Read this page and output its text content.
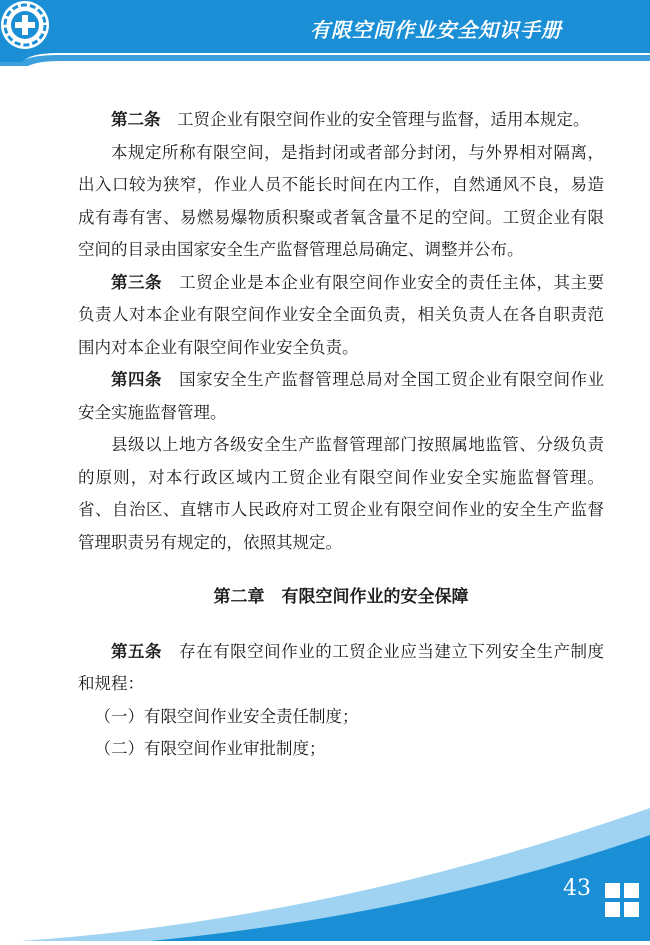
有限空间作业安全知识手册

第二条　 工贸企业有限空间作业的安全管理与监督，适用本规定。

本规定所称有限空间，是指封闭或者部分封闭，与外界相对隔离，出入口较为狭窄，作业人员不能长时间在内工作，自然通风不良，易造成有毒有害、易燃易爆物质积聚或者氧含量不足的空间。工贸企业有限空间的目录由国家安全生产监督管理总局确定、调整并公布。

第三条　 工贸企业是本企业有限空间作业安全的责任主体，其主要负责人对本企业有限空间作业安全全面负责，相关负责人在各自职责范围内对本企业有限空间作业安全负责。

第四条　 国家安全生产监督管理总局对全国工贸企业有限空间作业安全实施监督管理。

县级以上地方各级安全生产监督管理部门按照属地监管、分级负责的原则，对本行政区域内工贸企业有限空间作业安全实施监督管理。省、自治区、直辖市人民政府对工贸企业有限空间作业的安全生产监督管理职责另有规定的，依照其规定。

第二章　有限空间作业的安全保障

第五条　 存在有限空间作业的工贸企业应当建立下列安全生产制度和规程：

（一）有限空间作业安全责任制度；

（二）有限空间作业审批制度；

43
